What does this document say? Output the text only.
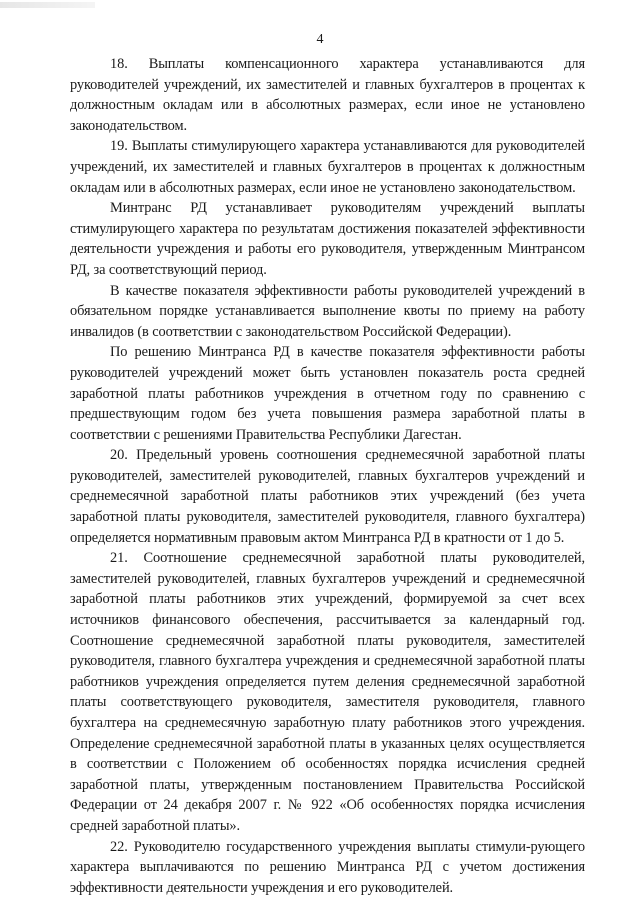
4

18. Выплаты компенсационного характера устанавливаются для руководителей учреждений, их заместителей и главных бухгалтеров в процентах к должностным окладам или в абсолютных размерах, если иное не установлено законодательством.

19. Выплаты стимулирующего характера устанавливаются для руководителей учреждений, их заместителей и главных бухгалтеров в процентах к должностным окладам или в абсолютных размерах, если иное не установлено законодательством.

Минтранс РД устанавливает руководителям учреждений выплаты стимулирующего характера по результатам достижения показателей эффективности деятельности учреждения и работы его руководителя, утвержденным Минтрансом РД, за соответствующий период.

В качестве показателя эффективности работы руководителей учреждений в обязательном порядке устанавливается выполнение квоты по приему на работу инвалидов (в соответствии с законодательством Российской Федерации).

По решению Минтранса РД в качестве показателя эффективности работы руководителей учреждений может быть установлен показатель роста средней заработной платы работников учреждения в отчетном году по сравнению с предшествующим годом без учета повышения размера заработной платы в соответствии с решениями Правительства Республики Дагестан.

20. Предельный уровень соотношения среднемесячной заработной платы руководителей, заместителей руководителей, главных бухгалтеров учреждений и среднемесячной заработной платы работников этих учреждений (без учета заработной платы руководителя, заместителей руководителя, главного бухгалтера) определяется нормативным правовым актом Минтранса РД в кратности от 1 до 5.

21. Соотношение среднемесячной заработной платы руководителей, заместителей руководителей, главных бухгалтеров учреждений и среднемесячной заработной платы работников этих учреждений, формируемой за счет всех источников финансового обеспечения, рассчитывается за календарный год. Соотношение среднемесячной заработной платы руководителя, заместителей руководителя, главного бухгалтера учреждения и среднемесячной заработной платы работников учреждения определяется путем деления среднемесячной заработной платы соответствующего руководителя, заместителя руководителя, главного бухгалтера на среднемесячную заработную плату работников этого учреждения. Определение среднемесячной заработной платы в указанных целях осуществляется в соответствии с Положением об особенностях порядка исчисления средней заработной платы, утвержденным постановлением Правительства Российской Федерации от 24 декабря 2007 г. № 922 «Об особенностях порядка исчисления средней заработной платы».

22. Руководителю государственного учреждения выплаты стимули-рующего характера выплачиваются по решению Минтранса РД с учетом достижения эффективности деятельности учреждения и его руководителей.
